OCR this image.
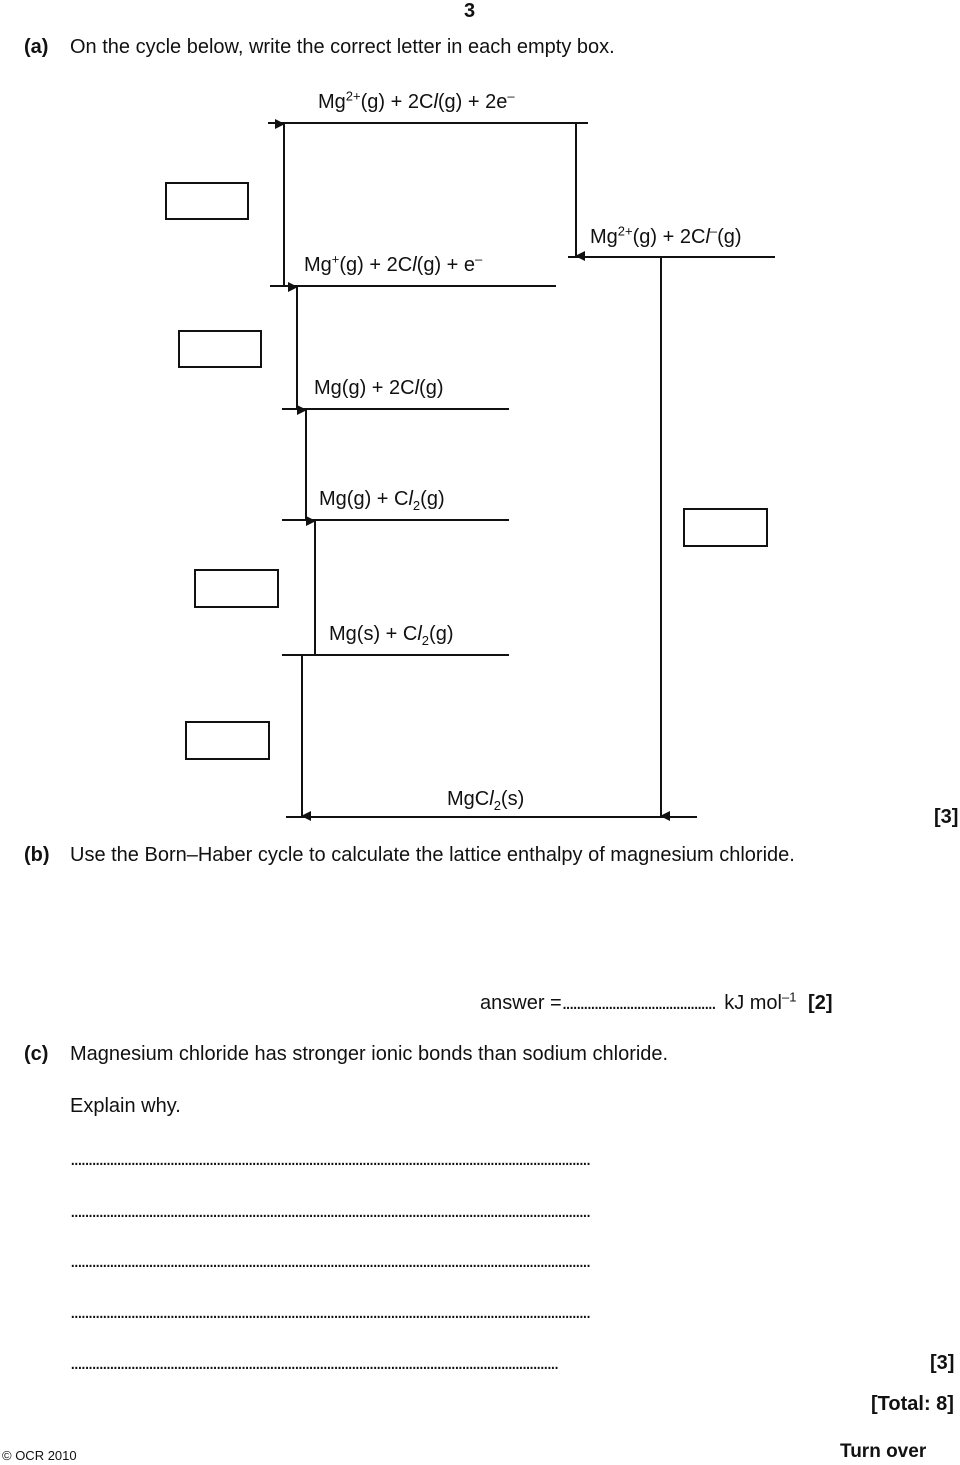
3
(a) On the cycle below, write the correct letter in each empty box.
$Mg^{2+}(g) + 2Cl(g) + 2e^-$
$Mg^{2+}(g) + 2Cl^-(g)$
Mg+(g) + 2Cl(g) + e–
Mg(g) + 2Cl(g)
$Mg(g) + Cl_2(g)$
$Mg(s) + Cl_2(g)$
MgCl$_2$(s)
[3]
(b) Use the Born–Haber cycle to calculate the lattice enthalpy of magnesium chloride.
answer =........................................... kJ mol$^{-1}$ [2]
(c) Magnesium chloride has stronger ionic bonds than sodium chloride.
Explain why.
..................................................................................................................................................
..................................................................................................................................................
..................................................................................................................................................
..................................................................................................................................................
.........................................................................................................................................	[3]
[Total: 8]
© OCR 2010	Turn over
